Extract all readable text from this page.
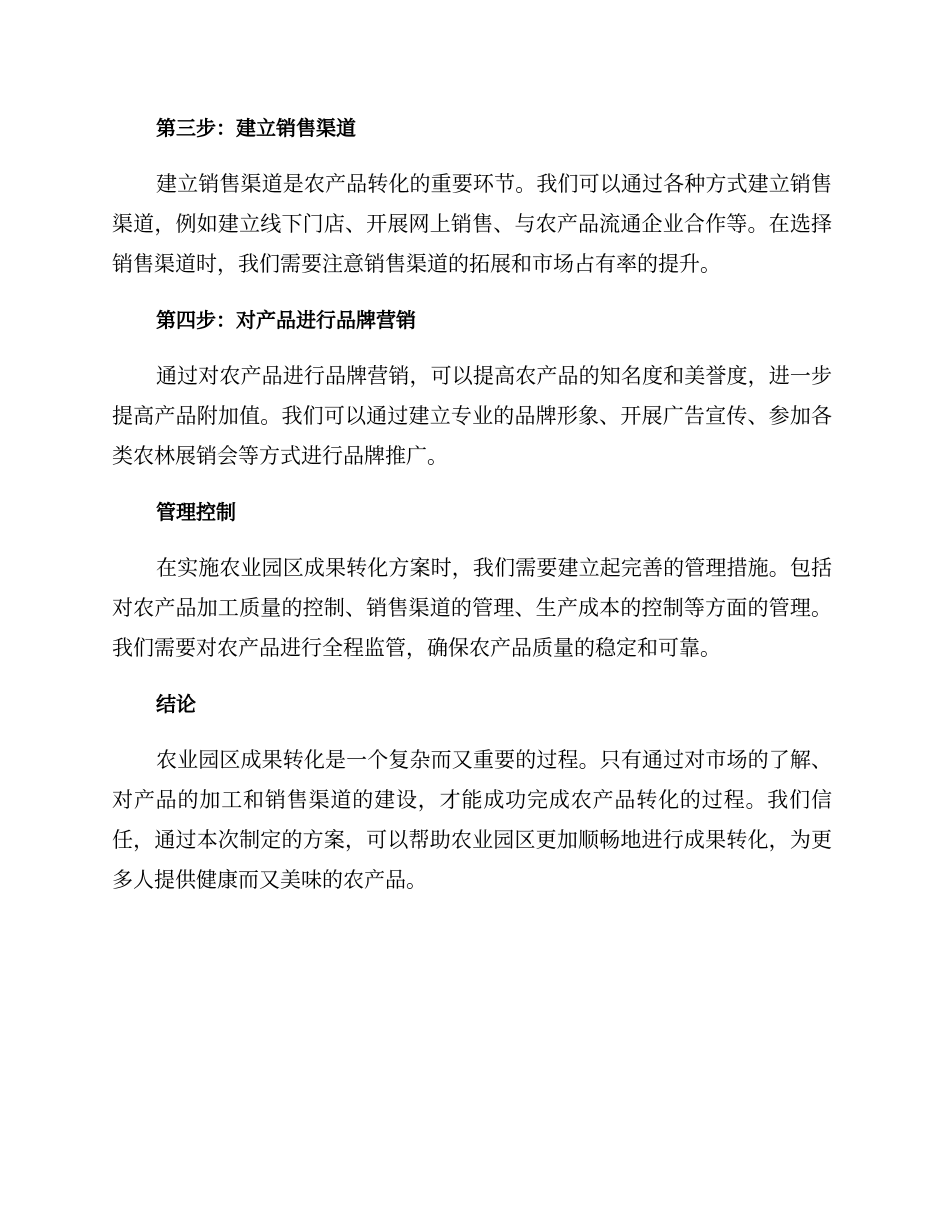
第三步：建立销售渠道

建立销售渠道是农产品转化的重要环节。我们可以通过各种方式建立销售渠道，例如建立线下门店、开展网上销售、与农产品流通企业合作等。在选择销售渠道时，我们需要注意销售渠道的拓展和市场占有率的提升。

第四步：对产品进行品牌营销

通过对农产品进行品牌营销，可以提高农产品的知名度和美誉度，进一步提高产品附加值。我们可以通过建立专业的品牌形象、开展广告宣传、参加各类农林展销会等方式进行品牌推广。

管理控制

在实施农业园区成果转化方案时，我们需要建立起完善的管理措施。包括对农产品加工质量的控制、销售渠道的管理、生产成本的控制等方面的管理。我们需要对农产品进行全程监管，确保农产品质量的稳定和可靠。

结论

农业园区成果转化是一个复杂而又重要的过程。只有通过对市场的了解、对产品的加工和销售渠道的建设，才能成功完成农产品转化的过程。我们信任，通过本次制定的方案，可以帮助农业园区更加顺畅地进行成果转化，为更多人提供健康而又美味的农产品。
